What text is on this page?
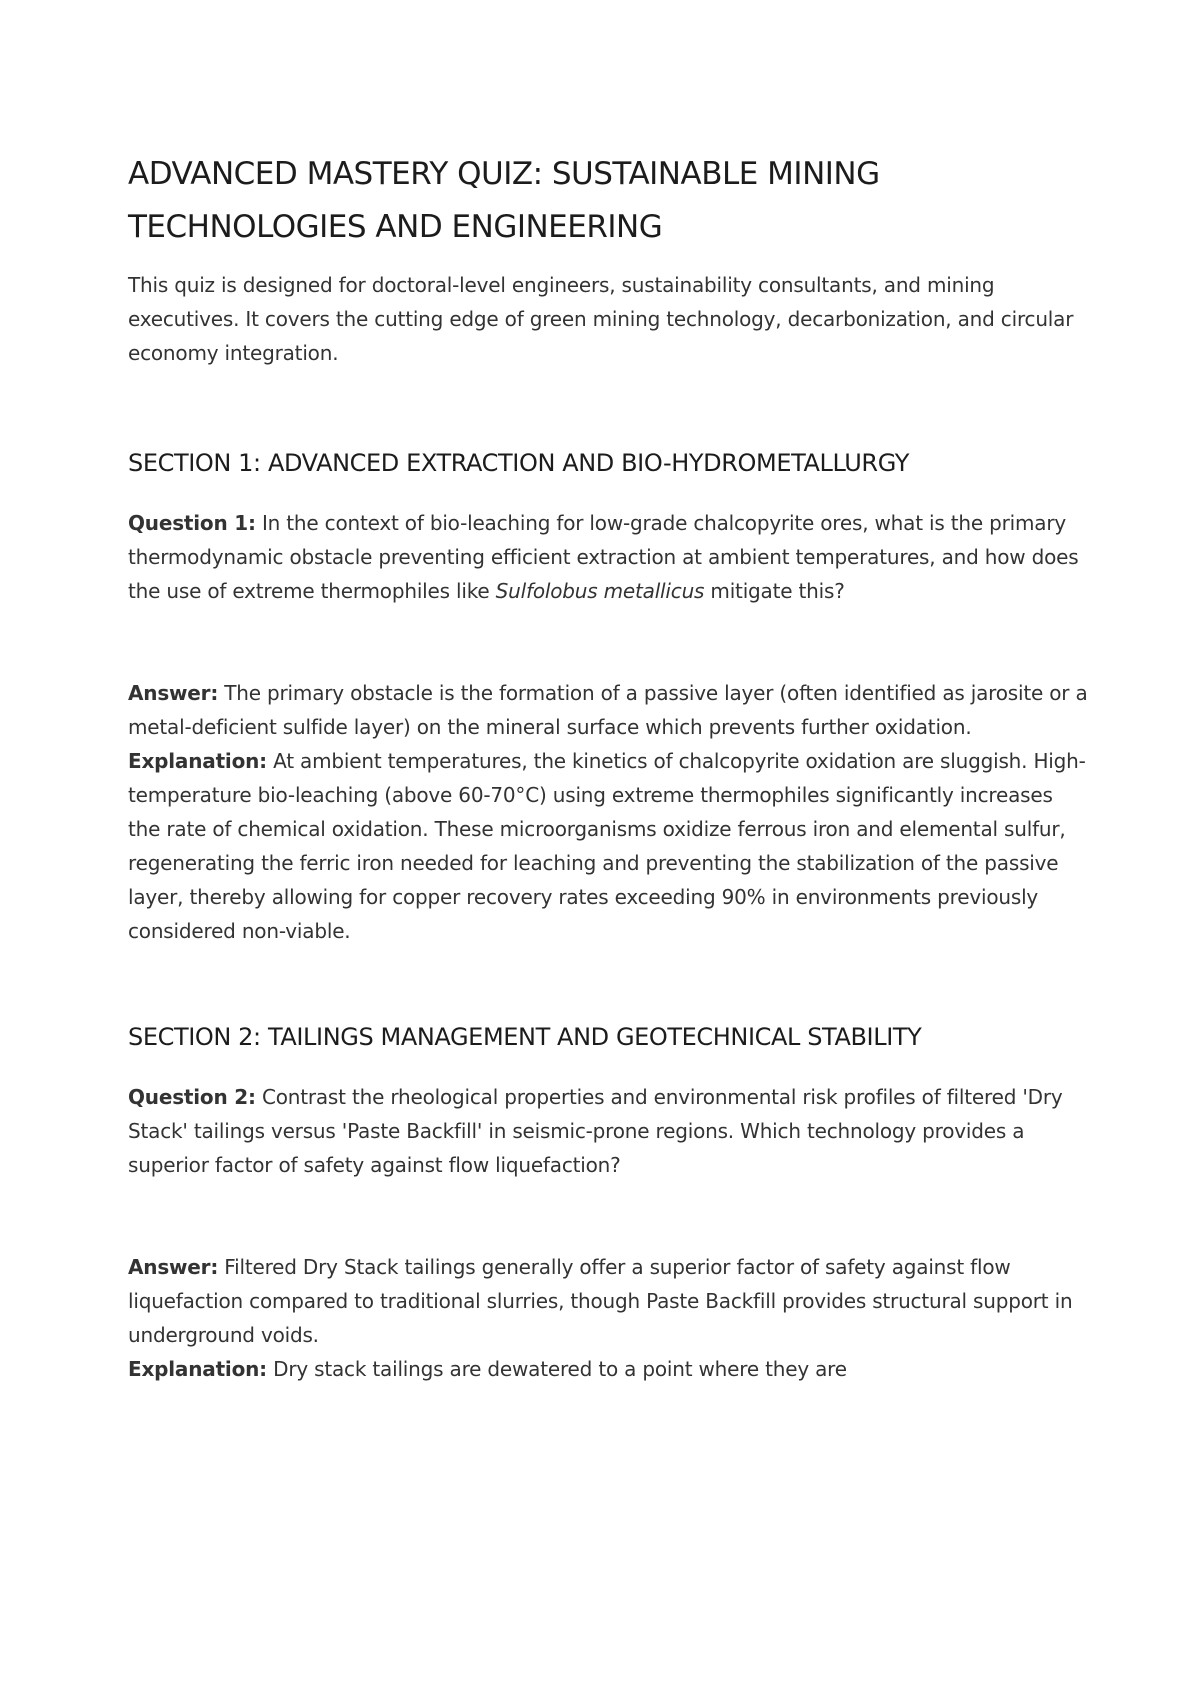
ADVANCED MASTERY QUIZ: SUSTAINABLE MINING TECHNOLOGIES AND ENGINEERING

This quiz is designed for doctoral-level engineers, sustainability consultants, and mining executives. It covers the cutting edge of green mining technology, decarbonization, and circular economy integration.

SECTION 1: ADVANCED EXTRACTION AND BIO-HYDROMETALLURGY

Question 1: In the context of bio-leaching for low-grade chalcopyrite ores, what is the primary thermodynamic obstacle preventing efficient extraction at ambient temperatures, and how does the use of extreme thermophiles like Sulfolobus metallicus mitigate this?

Answer: The primary obstacle is the formation of a passive layer (often identified as jarosite or a metal-deficient sulfide layer) on the mineral surface which prevents further oxidation.

Explanation: At ambient temperatures, the kinetics of chalcopyrite oxidation are sluggish. High-temperature bio-leaching (above 60-70°C) using extreme thermophiles significantly increases the rate of chemical oxidation. These microorganisms oxidize ferrous iron and elemental sulfur, regenerating the ferric iron needed for leaching and preventing the stabilization of the passive layer, thereby allowing for copper recovery rates exceeding 90% in environments previously considered non-viable.

SECTION 2: TAILINGS MANAGEMENT AND GEOTECHNICAL STABILITY

Question 2: Contrast the rheological properties and environmental risk profiles of filtered 'Dry Stack' tailings versus 'Paste Backfill' in seismic-prone regions. Which technology provides a superior factor of safety against flow liquefaction?

Answer: Filtered Dry Stack tailings generally offer a superior factor of safety against flow liquefaction compared to traditional slurries, though Paste Backfill provides structural support in underground voids.

Explanation: Dry stack tailings are dewatered to a point where they are
